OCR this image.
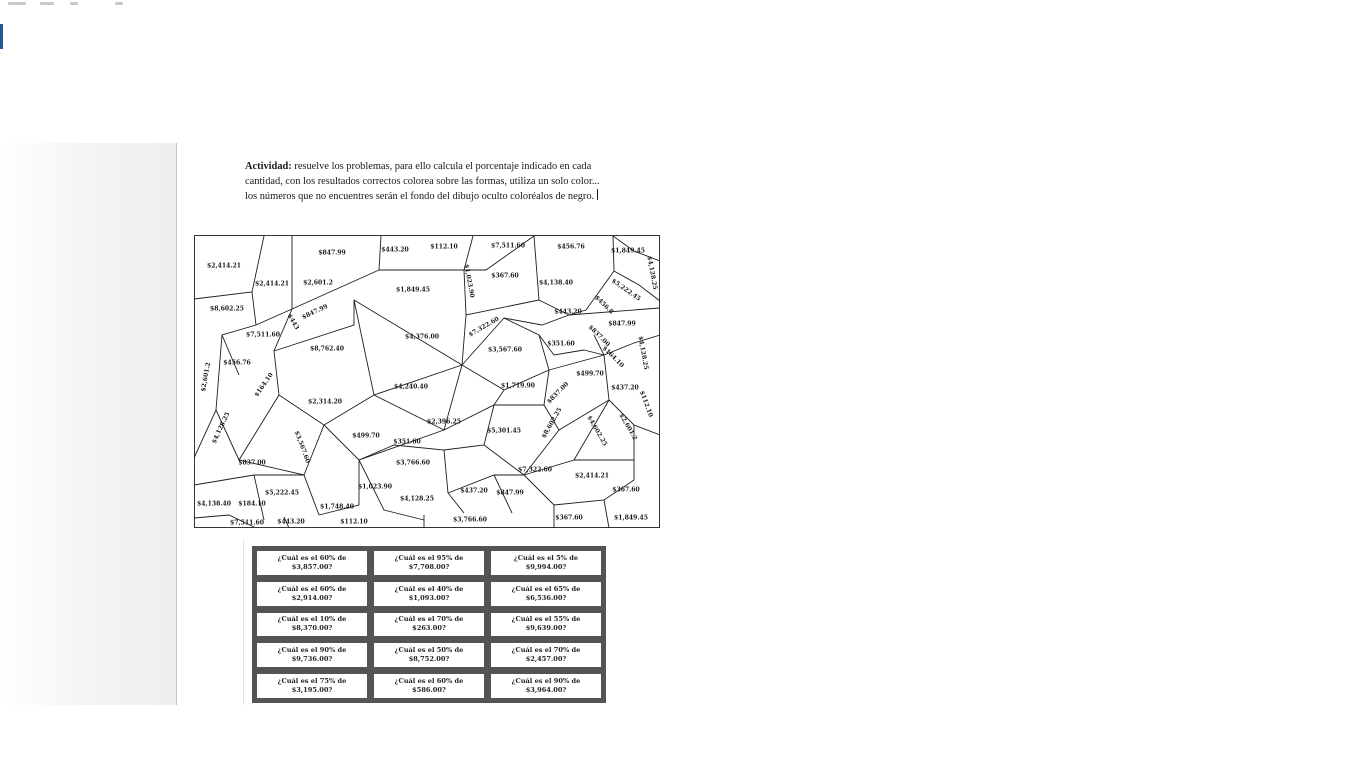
Actividad: resuelve los problemas, para ello calcula el porcentaje indicado en cada cantidad, con los resultados correctos colorea sobre las formas, utiliza un solo color... los números que no encuentres serán el fondo del dibujo oculto coloréalos de negro.
$2,414.21
$847.99	$443.20	$112.10	$7,511.60	$456.76
$1,849.45
$4,128.25
$2,414.21 $2,601.2
$1,849.45	$1,023.90	$367.60
$4,138.40	$5,222.45
$8,602.25	$847.99
$443
$443.20 $456.8
$847.99
$7,511.60
$8,762.40
$4,376.00	$7,322.60
$3,567.60
$351.60 $837.00	$4,128.25
$456.76
$164.10
$2,601.2
$164.10
$499.70
$1,719.90
$4,240.40	$437.20
$837.00	$112.10
$2,314.20
$2,396.25	$8,602.25	$4,602.25 $2,601.2
$4,128.25	$499.70
$351.60
$5,301.45
$3,567.60
$837.00	$3,766.60
$7,322.60
$2,414.21
$5,222.45
$1,023.90
$437.20 $847.99	$367.60
$4,138.40 $184.10	$1,748.40
$4,128.25
$7,511.60 $443.20	$112.10	$3,766.60	$367.60	$1,849.45
¿Cuál es el 60% de
$3,857.00?
¿Cuál es el 95% de
$7,708.00?
¿Cuál es el 5% de
$9,994.00?
¿Cuál es el 60% de
$2,914.00?
¿Cuál es el 40% de
$1,093.00?
¿Cuál es el 65% de
$6,536.00?
¿Cuál es el 10% de
$8,370.00?
¿Cuál es el 70% de
$263.00?
¿Cuál es el 55% de
$9,639.00?
¿Cuál es el 90% de
$9,736.00?
¿Cuál es el 50% de
$8,752.00?
¿Cuál es el 70% de
$2,457.00?
¿Cuál es el 75% de
$3,195.00?
¿Cuál es el 60% de
$586.00?
¿Cuál es el 90% de
$3,964.00?
